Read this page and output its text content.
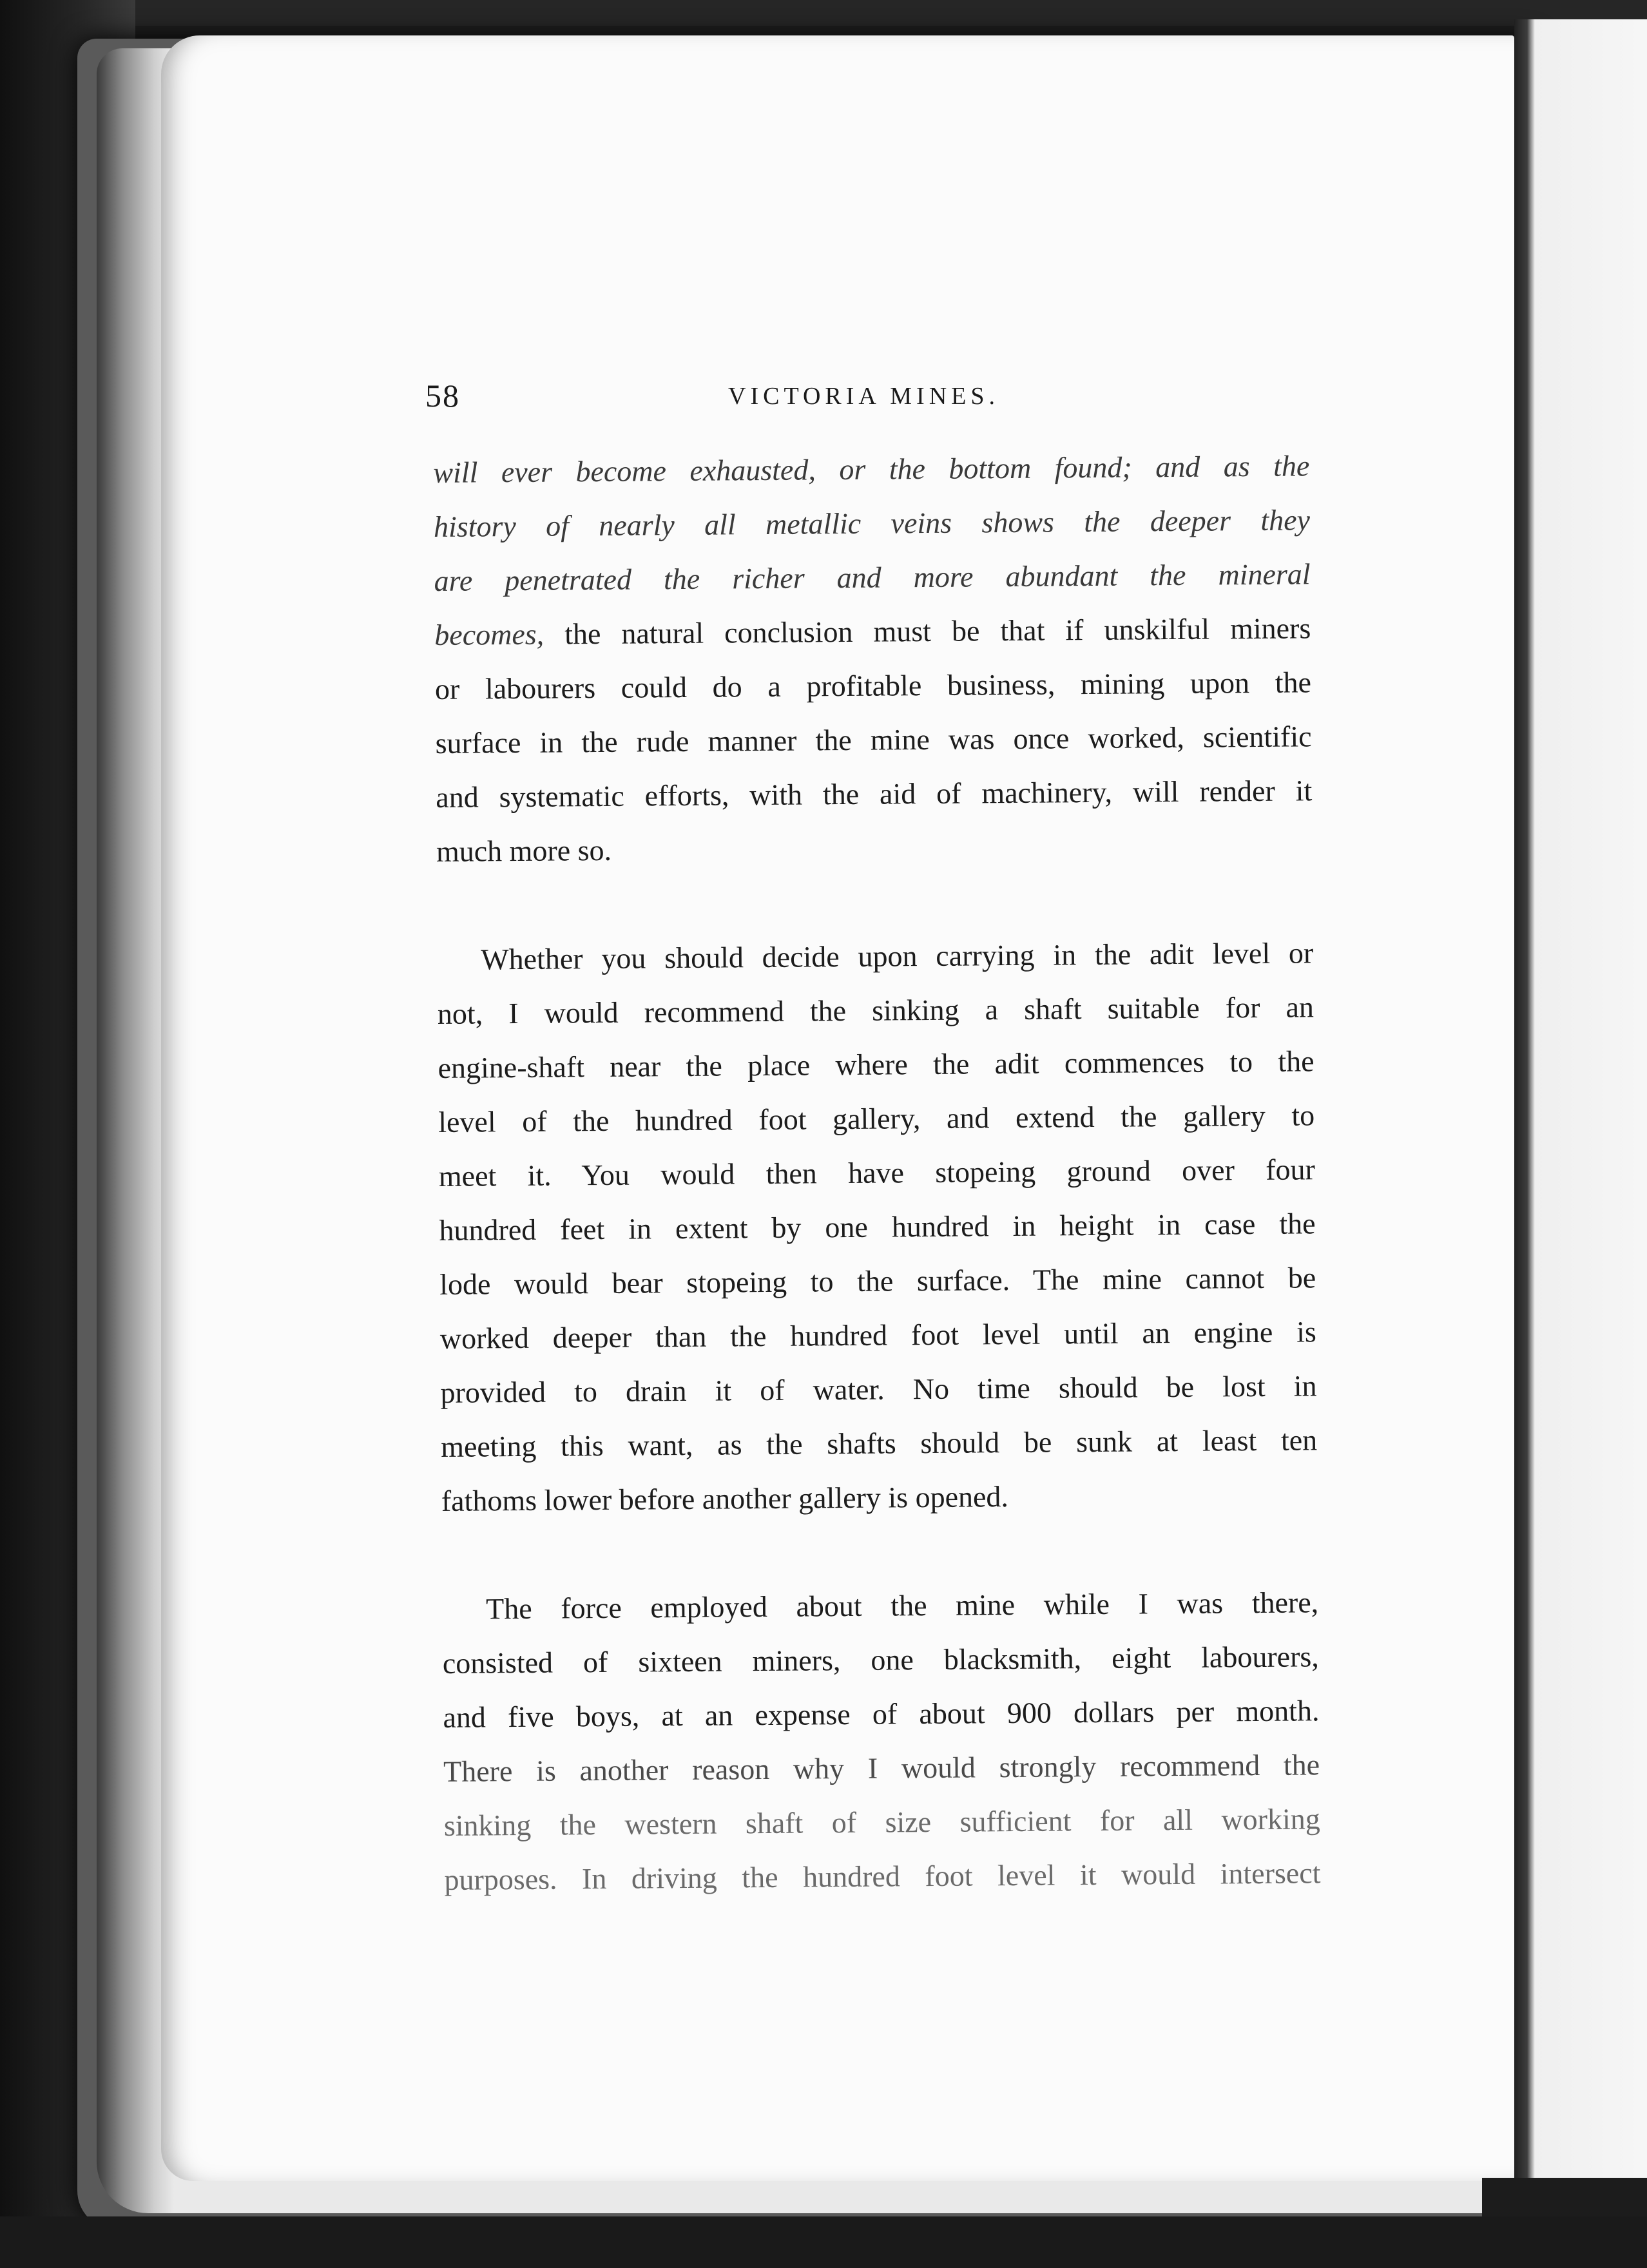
58	VICTORIA MINES.
will ever become exhausted, or the bottom found; and as the
history of nearly all metallic veins shows the deeper they
are penetrated the richer and more abundant the mineral
becomes, the natural conclusion must be that if unskilful miners
or labourers could do a profitable business, mining upon the
surface in the rude manner the mine was once worked, scientific
and systematic efforts, with the aid of machinery, will render it
much more so.
Whether you should decide upon carrying in the adit level or
not, I would recommend the sinking a shaft suitable for an
engine-shaft near the place where the adit commences to the
level of the hundred foot gallery, and extend the gallery to
meet it. You would then have stopeing ground over four
hundred feet in extent by one hundred in height in case the
lode would bear stopeing to the surface. The mine cannot be
worked deeper than the hundred foot level until an engine is
provided to drain it of water. No time should be lost in
meeting this want, as the shafts should be sunk at least ten
fathoms lower before another gallery is opened.
The force employed about the mine while I was there,
consisted of sixteen miners, one blacksmith, eight labourers,
and five boys, at an expense of about 900 dollars per month.
There is another reason why I would strongly recommend the
sinking the western shaft of size sufficient for all working
purposes. In driving the hundred foot level it would intersect
